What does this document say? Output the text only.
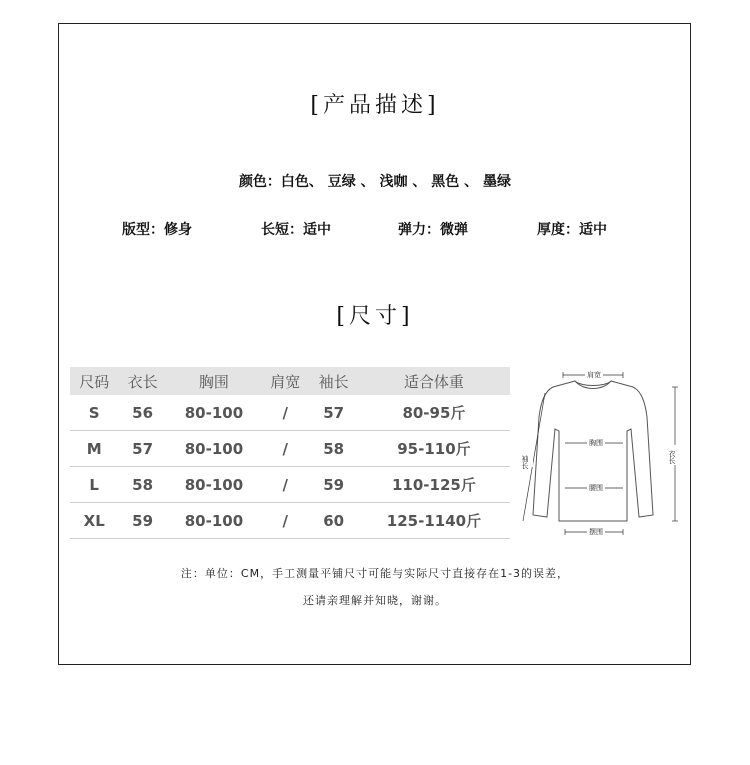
[产品描述]
颜色：白色、 豆绿 、 浅咖 、 黑色 、 墨绿
版型：修身	长短：适中	弹力：微弹	厚度：适中
[尺寸]
尺码	衣长	胸围	肩宽	袖长	适合体重
S	56	80-100	/	57	80-95斤
M	57	80-100	/	58	95-110斤
L	58	80-100	/	59	110-125斤
XL	59	80-100	/	60	125-1140斤
肩宽
胸围
腰围
摆围
袖长	衣长
注：单位：CM，手工测量平铺尺寸可能与实际尺寸直接存在1-3的误差，
还请亲理解并知晓，谢谢。
